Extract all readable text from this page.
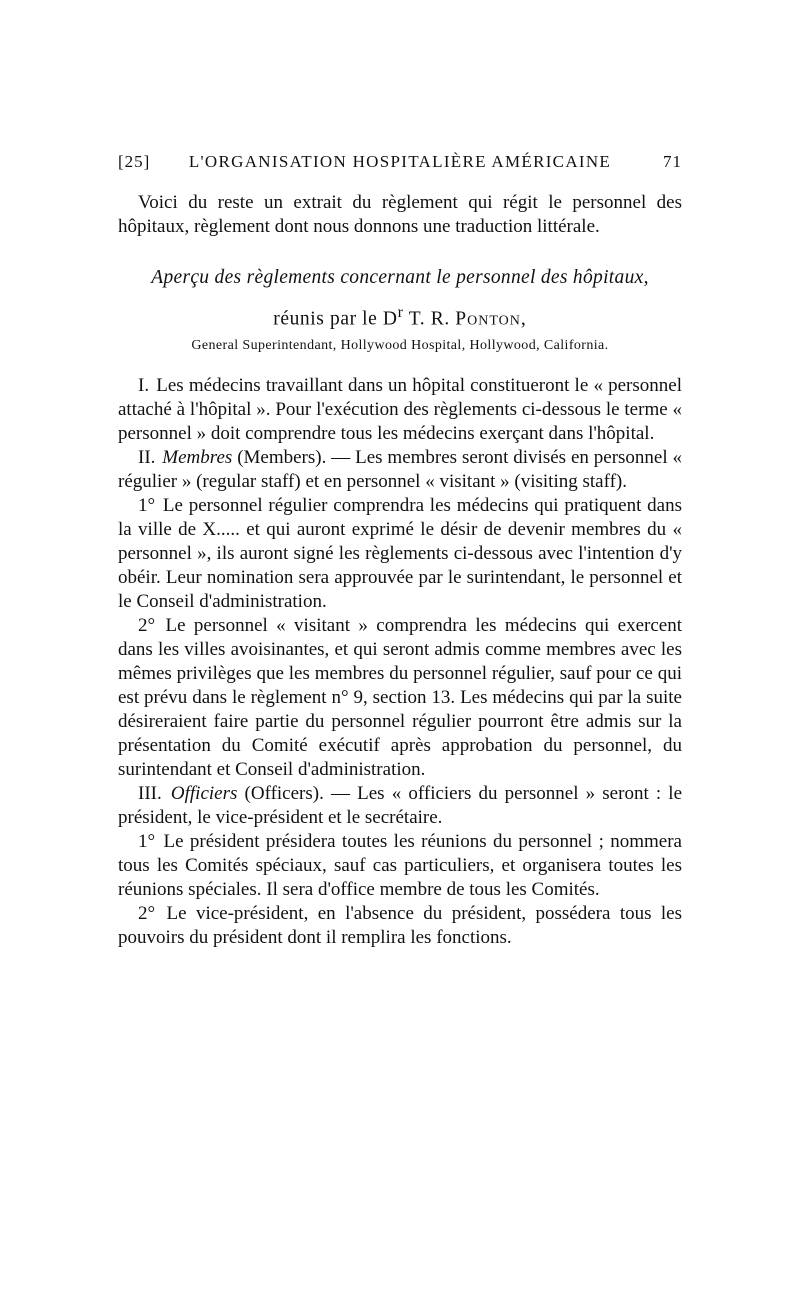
[25]	L'ORGANISATION HOSPITALIÈRE AMÉRICAINE	71

Voici du reste un extrait du règlement qui régit le personnel des hôpitaux, règlement dont nous donnons une traduction littérale.

Aperçu des règlements concernant le personnel des hôpitaux,

réunis par le $D^r$ T. R. Ponton,

General Superintendant, Hollywood Hospital, Hollywood, California.

I. Les médecins travaillant dans un hôpital constitueront le « personnel attaché à l'hôpital ». Pour l'exécution des règlements ci-dessous le terme « personnel » doit comprendre tous les médecins exerçant dans l'hôpital.

II. Membres (Members). — Les membres seront divisés en personnel « régulier » (regular staff) et en personnel « visitant » (visiting staff).

1° Le personnel régulier comprendra les médecins qui pratiquent dans la ville de X..... et qui auront exprimé le désir de devenir membres du « personnel », ils auront signé les règlements ci-dessous avec l'intention d'y obéir. Leur nomination sera approuvée par le surintendant, le personnel et le Conseil d'administration.

2° Le personnel « visitant » comprendra les médecins qui exercent dans les villes avoisinantes, et qui seront admis comme membres avec les mêmes privilèges que les membres du personnel régulier, sauf pour ce qui est prévu dans le règlement n° 9, section 13. Les médecins qui par la suite désireraient faire partie du personnel régulier pourront être admis sur la présentation du Comité exécutif après approbation du personnel, du surintendant et Conseil d'administration.

III. Officiers (Officers). — Les « officiers du personnel » seront : le président, le vice-président et le secrétaire.

1° Le président présidera toutes les réunions du personnel ; nommera tous les Comités spéciaux, sauf cas particuliers, et organisera toutes les réunions spéciales. Il sera d'office membre de tous les Comités.

2° Le vice-président, en l'absence du président, possédera tous les pouvoirs du président dont il remplira les fonctions.
